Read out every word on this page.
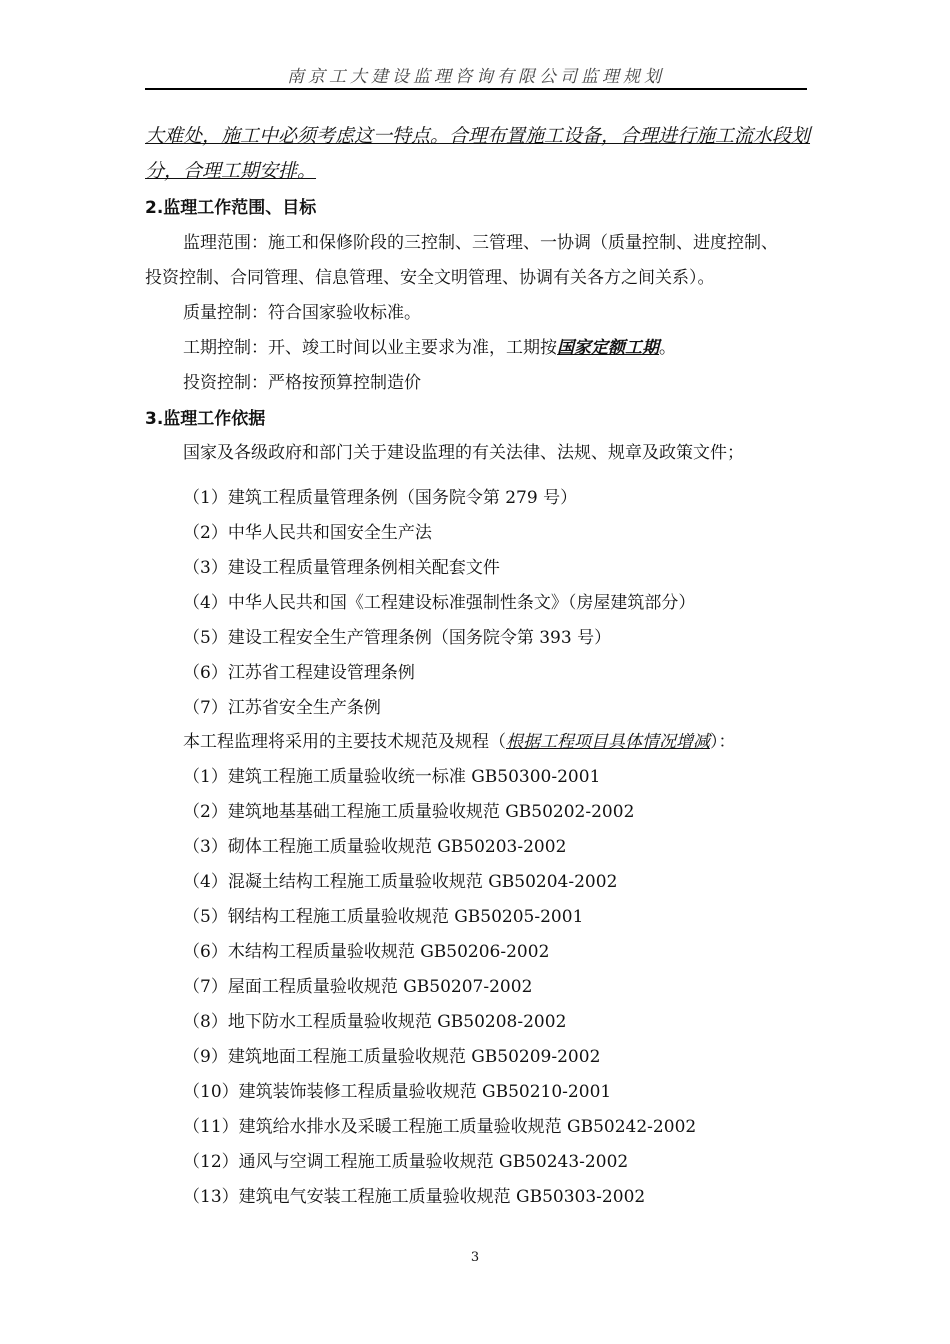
南京工大建设监理咨询有限公司监理规划
大难处，施工中必须考虑这一特点。合理布置施工设备，合理进行施工流水段划
分，合理工期安排。
2.监理工作范围、目标
监理范围：施工和保修阶段的三控制、三管理、一协调（质量控制、进度控制、
投资控制、合同管理、信息管理、安全文明管理、协调有关各方之间关系）。
质量控制：符合国家验收标准。
工期控制：开、竣工时间以业主要求为准，工期按国家定额工期。
投资控制：严格按预算控制造价
3.监理工作依据
国家及各级政府和部门关于建设监理的有关法律、法规、规章及政策文件；
（1）建筑工程质量管理条例（国务院令第 279 号）
（2）中华人民共和国安全生产法
（3）建设工程质量管理条例相关配套文件
（4）中华人民共和国《工程建设标准强制性条文》（房屋建筑部分）
（5）建设工程安全生产管理条例（国务院令第 393 号）
（6）江苏省工程建设管理条例
（7）江苏省安全生产条例
本工程监理将采用的主要技术规范及规程（根据工程项目具体情况增减）：
（1）建筑工程施工质量验收统一标准 GB50300-2001
（2）建筑地基基础工程施工质量验收规范 GB50202-2002
（3）砌体工程施工质量验收规范 GB50203-2002
（4）混凝土结构工程施工质量验收规范 GB50204-2002
（5）钢结构工程施工质量验收规范 GB50205-2001
（6）木结构工程质量验收规范 GB50206-2002
（7）屋面工程质量验收规范 GB50207-2002
（8）地下防水工程质量验收规范 GB50208-2002
（9）建筑地面工程施工质量验收规范 GB50209-2002
（10）建筑装饰装修工程质量验收规范 GB50210-2001
（11）建筑给水排水及采暖工程施工质量验收规范 GB50242-2002
（12）通风与空调工程施工质量验收规范 GB50243-2002
（13）建筑电气安装工程施工质量验收规范 GB50303-2002
3
